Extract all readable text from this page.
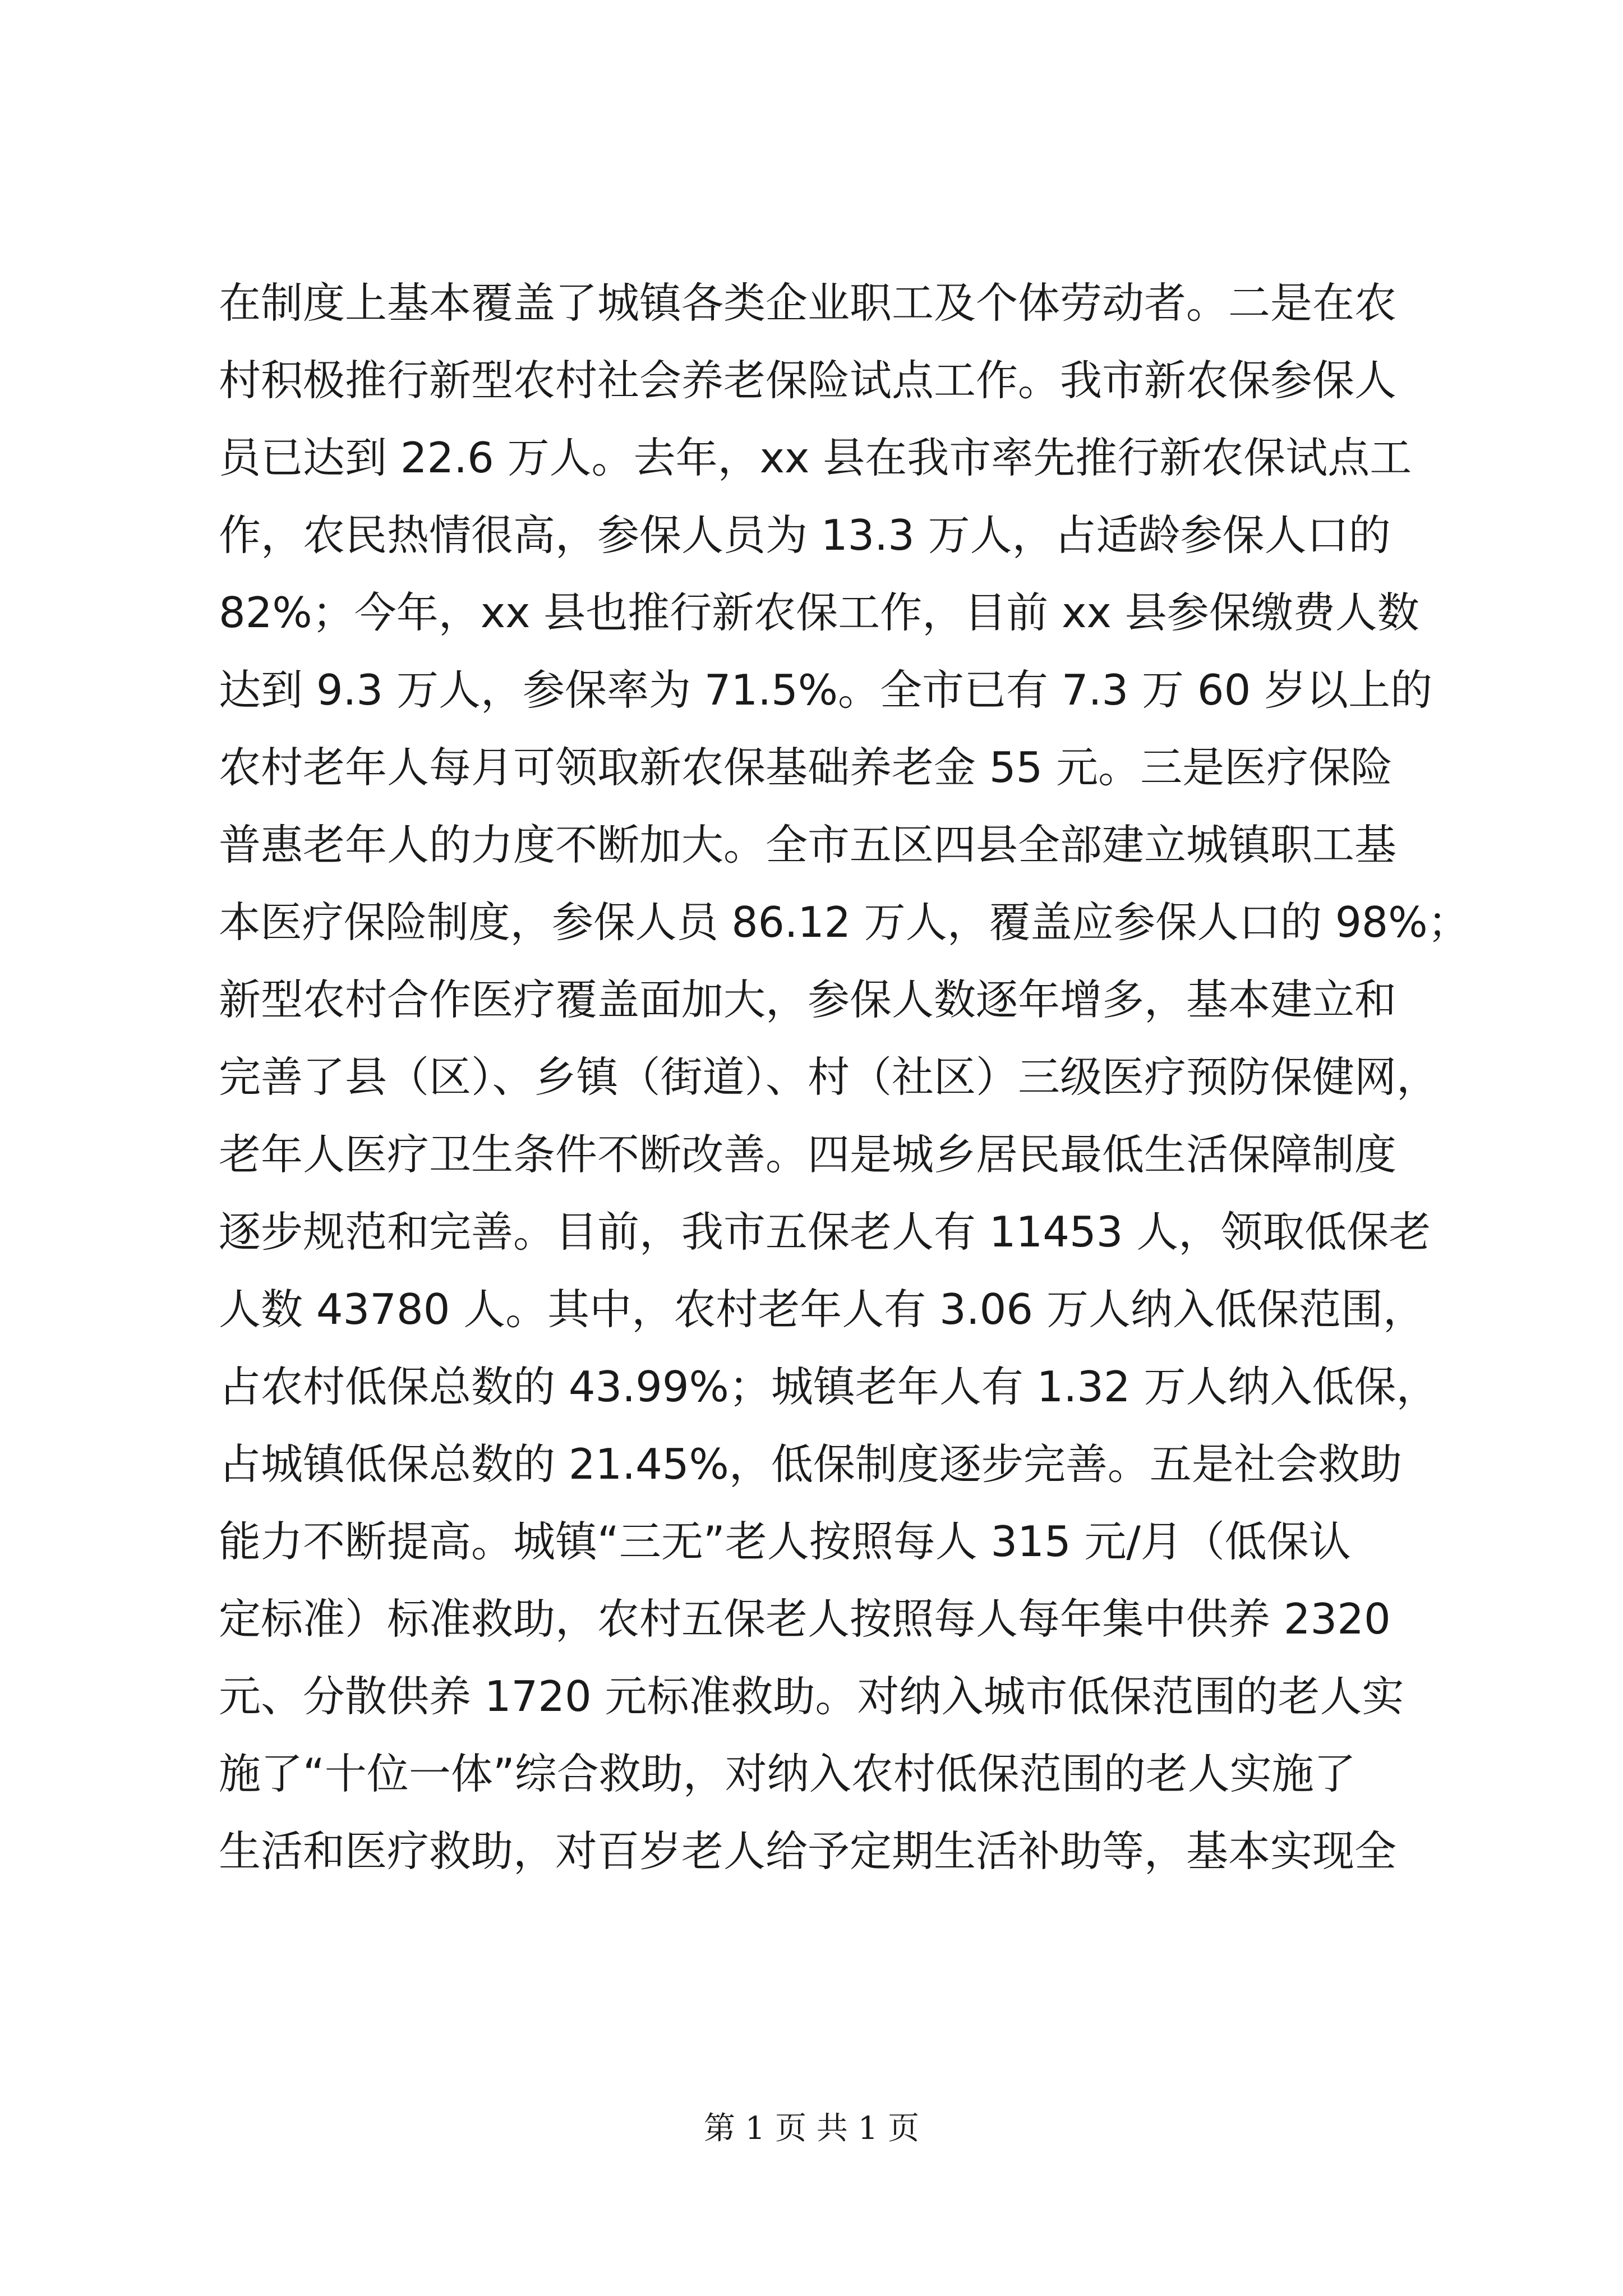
在制度上基本覆盖了城镇各类企业职工及个体劳动者。二是在农
村积极推行新型农村社会养老保险试点工作。我市新农保参保人
员已达到 22.6 万人。去年，xx 县在我市率先推行新农保试点工
作，农民热情很高，参保人员为 13.3 万人，占适龄参保人口的
82%；今年，xx 县也推行新农保工作，目前 xx 县参保缴费人数
达到 9.3 万人，参保率为 71.5%。全市已有 7.3 万 60 岁以上的
农村老年人每月可领取新农保基础养老金 55 元。三是医疗保险
普惠老年人的力度不断加大。全市五区四县全部建立城镇职工基
本医疗保险制度，参保人员 86.12 万人，覆盖应参保人口的 98%；
新型农村合作医疗覆盖面加大，参保人数逐年增多，基本建立和
完善了县（区）、乡镇（街道）、村（社区）三级医疗预防保健网，
老年人医疗卫生条件不断改善。四是城乡居民最低生活保障制度
逐步规范和完善。目前，我市五保老人有 11453 人，领取低保老
人数 43780 人。其中，农村老年人有 3.06 万人纳入低保范围，
占农村低保总数的 43.99%；城镇老年人有 1.32 万人纳入低保，
占城镇低保总数的 21.45%，低保制度逐步完善。五是社会救助
能力不断提高。城镇“三无”老人按照每人 315 元/月（低保认
定标准）标准救助，农村五保老人按照每人每年集中供养 2320
元、分散供养 1720 元标准救助。对纳入城市低保范围的老人实
施了“十位一体”综合救助，对纳入农村低保范围的老人实施了
生活和医疗救助，对百岁老人给予定期生活补助等，基本实现全
第 1 页 共 1 页
